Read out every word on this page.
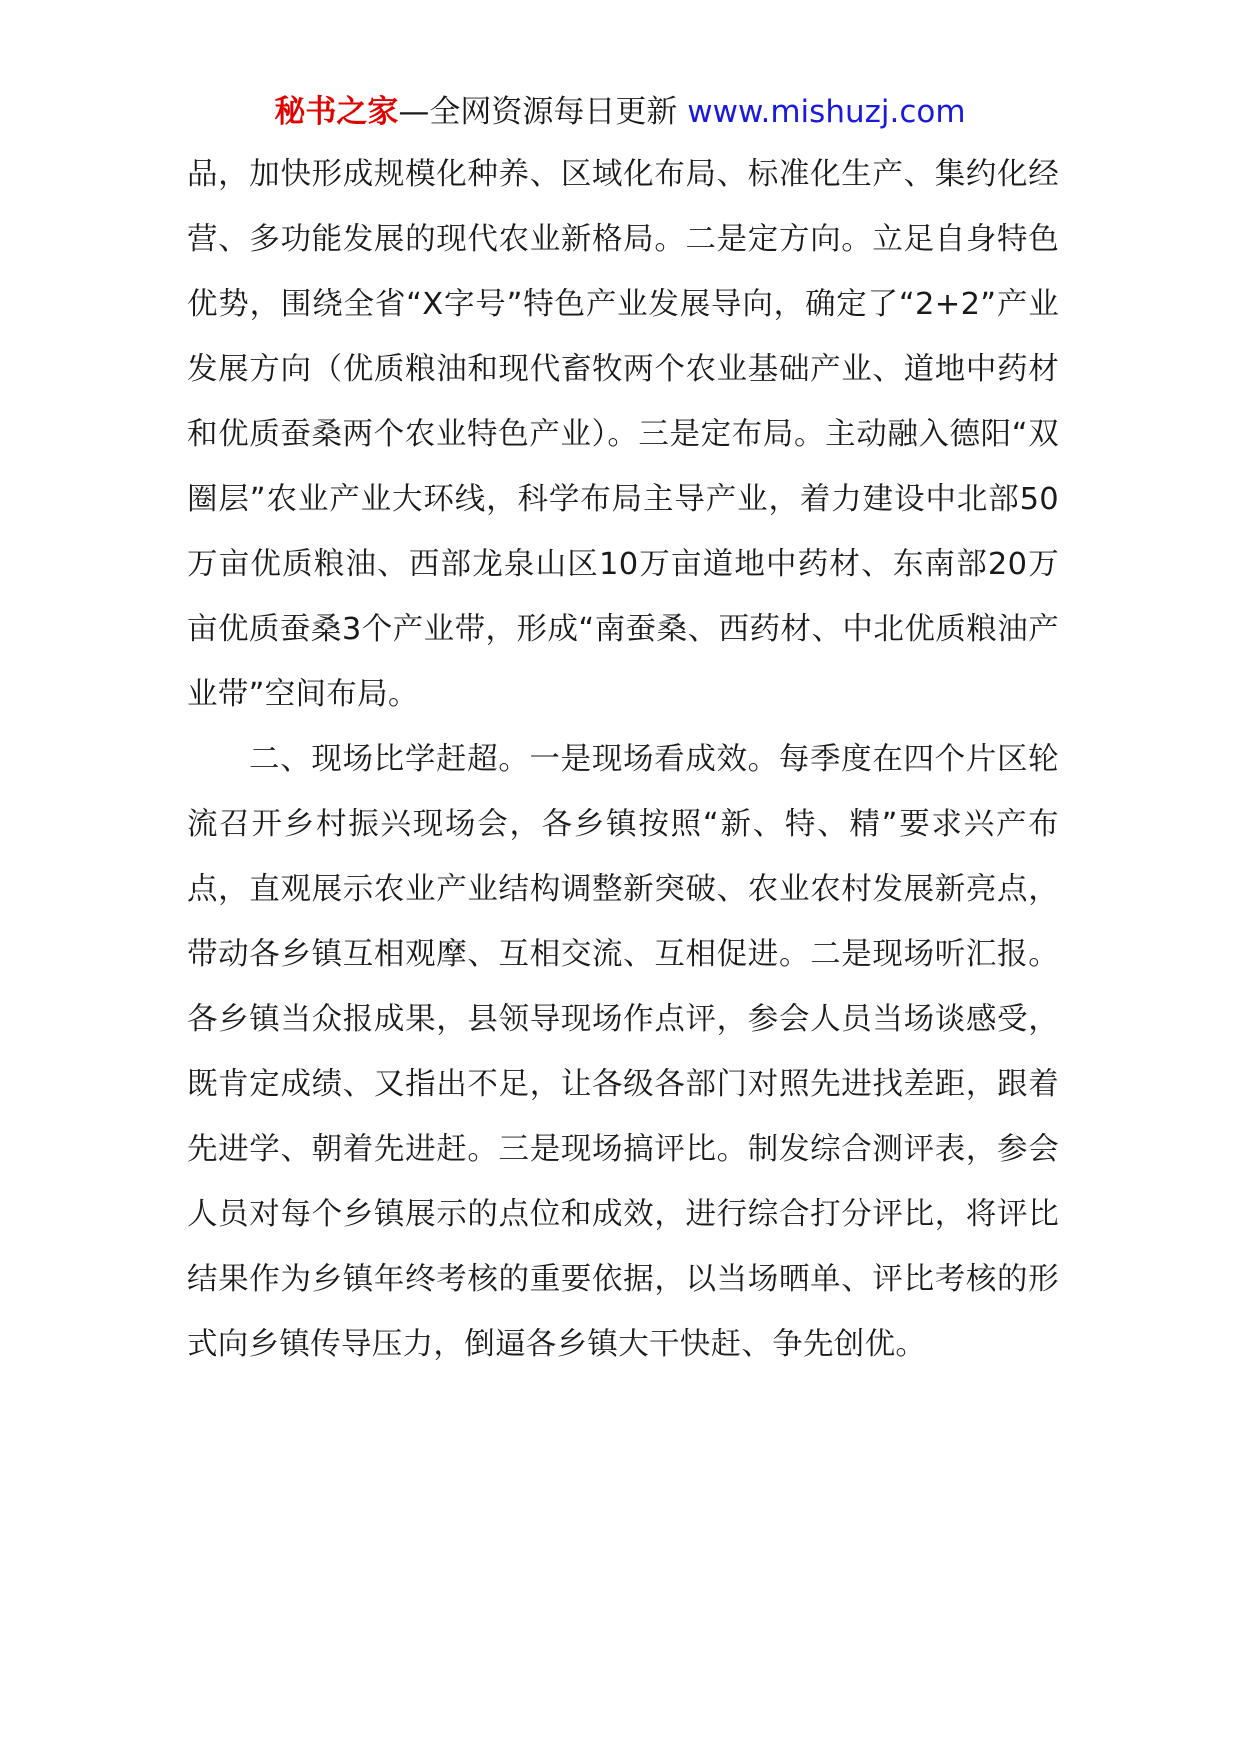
秘书之家—全网资源每日更新 www.mishuzj.com

品，加快形成规模化种养、区域化布局、标准化生产、集约化经营、多功能发展的现代农业新格局。二是定方向。立足自身特色优势，围绕全省“X字号”特色产业发展导向，确定了“2+2”产业发展方向（优质粮油和现代畜牧两个农业基础产业、道地中药材和优质蚕桑两个农业特色产业）。三是定布局。主动融入德阳“双圈层”农业产业大环线，科学布局主导产业，着力建设中北部50万亩优质粮油、西部龙泉山区10万亩道地中药材、东南部20万亩优质蚕桑3个产业带，形成“南蚕桑、西药材、中北优质粮油产业带”空间布局。

二、现场比学赶超。一是现场看成效。每季度在四个片区轮流召开乡村振兴现场会，各乡镇按照“新、特、精”要求兴产布点，直观展示农业产业结构调整新突破、农业农村发展新亮点，带动各乡镇互相观摩、互相交流、互相促进。二是现场听汇报。各乡镇当众报成果，县领导现场作点评，参会人员当场谈感受，既肯定成绩、又指出不足，让各级各部门对照先进找差距，跟着先进学、朝着先进赶。三是现场搞评比。制发综合测评表，参会人员对每个乡镇展示的点位和成效，进行综合打分评比，将评比结果作为乡镇年终考核的重要依据，以当场晒单、评比考核的形式向乡镇传导压力，倒逼各乡镇大干快赶、争先创优。
